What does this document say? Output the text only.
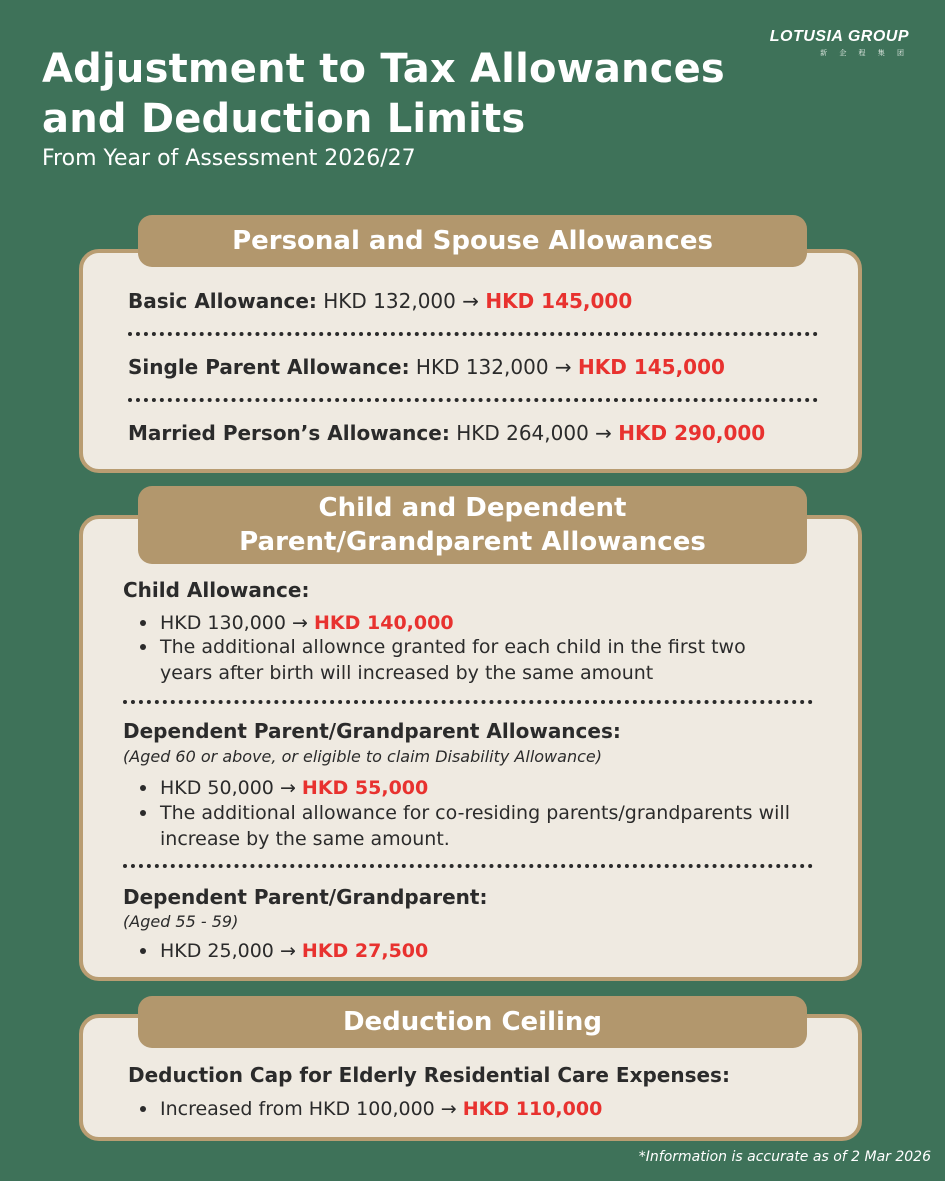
LOTUSIA GROUP
新 企 程 集 团
Adjustment to Tax Allowances
and Deduction Limits
From Year of Assessment 2026/27
Personal and Spouse Allowances
Basic Allowance: HKD 132,000 → HKD 145,000
Single Parent Allowance: HKD 132,000 → HKD 145,000
Married Person’s Allowance: HKD 264,000 → HKD 290,000
Child and Dependent
Parent/Grandparent Allowances
Child Allowance:
HKD 130,000 → HKD 140,000
The additional allownce granted for each child in the first two years after birth will increased by the same amount
Dependent Parent/Grandparent Allowances:
(Aged 60 or above, or eligible to claim Disability Allowance)
HKD 50,000 → HKD 55,000
The additional allowance for co-residing parents/grandparents will increase by the same amount.
Dependent Parent/Grandparent:
(Aged 55 - 59)
HKD 25,000 → HKD 27,500
Deduction Ceiling
Deduction Cap for Elderly Residential Care Expenses:
Increased from HKD 100,000 → HKD 110,000
*Information is accurate as of 2 Mar 2026
